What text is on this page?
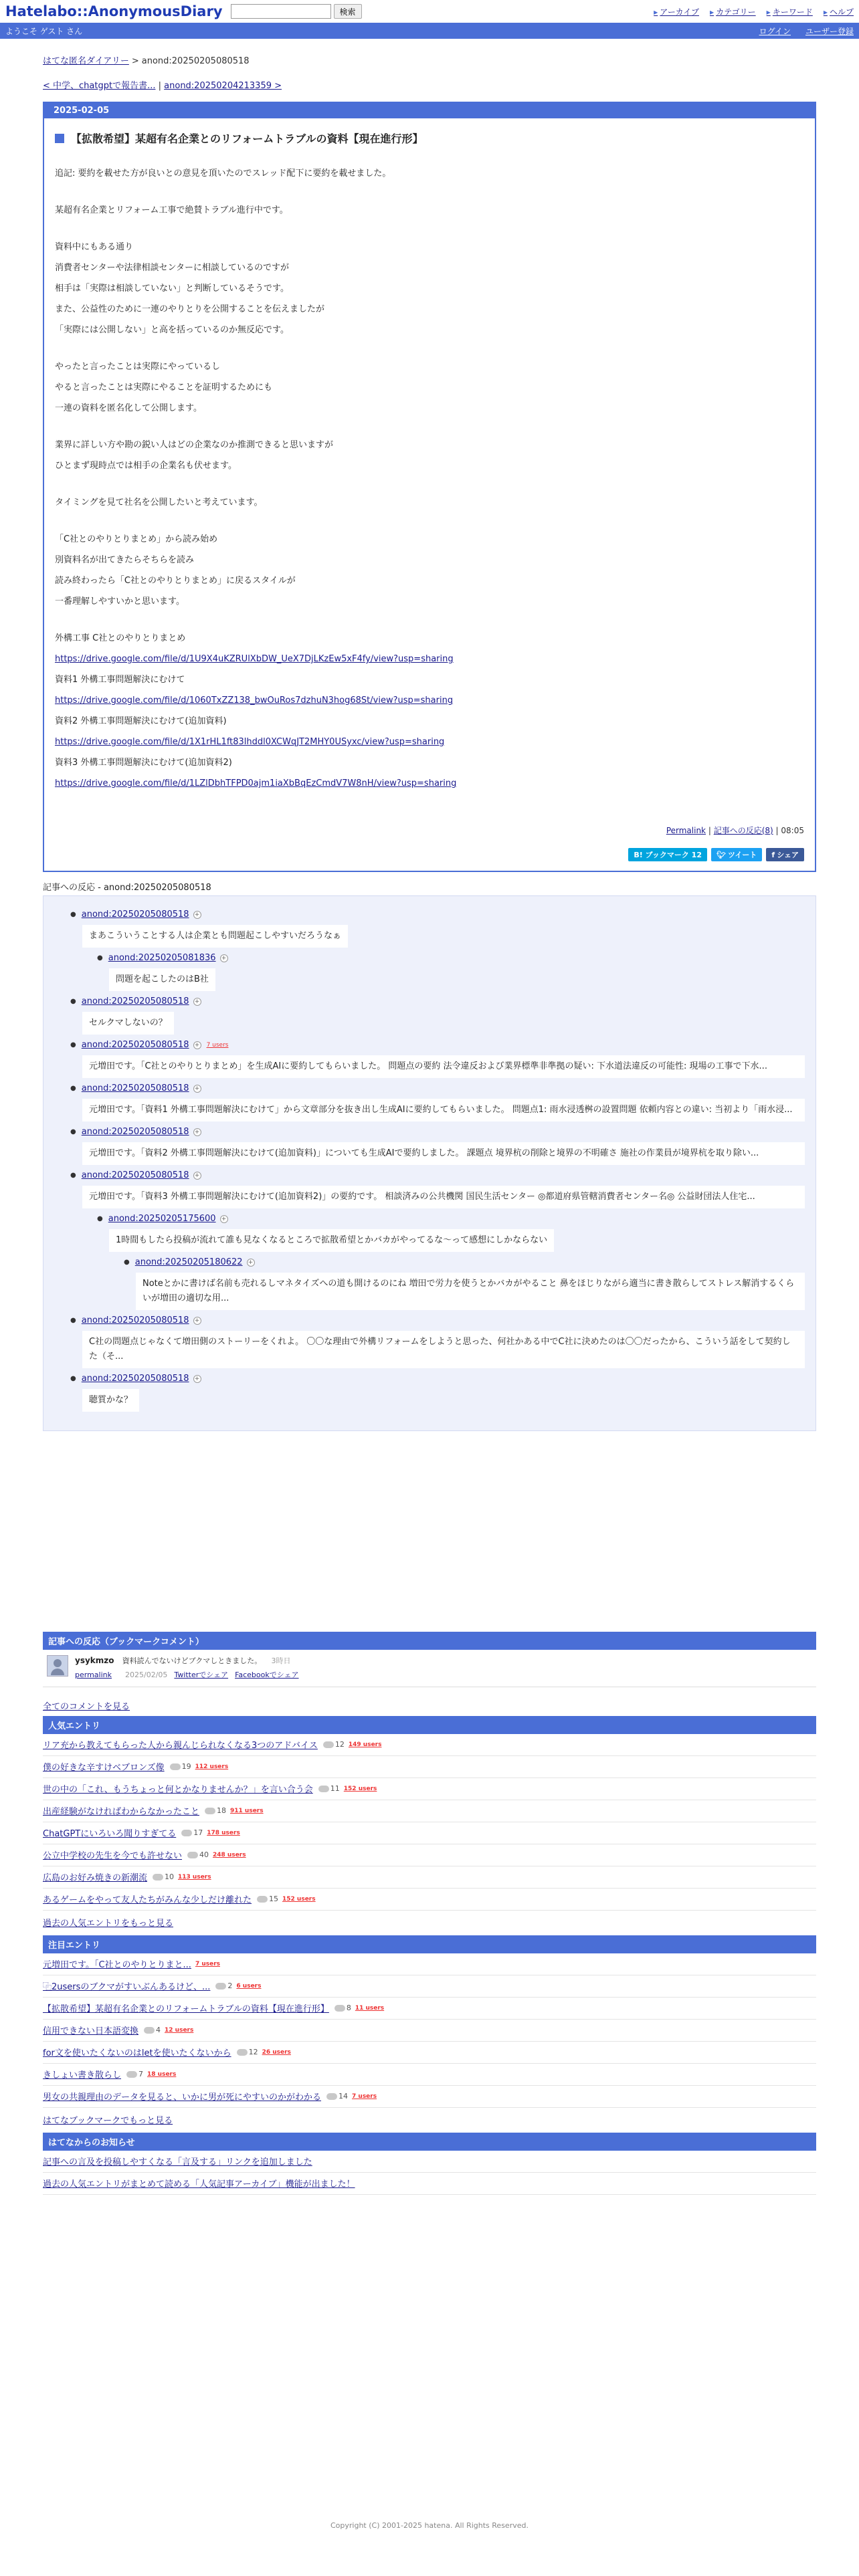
Hatelabo::AnonymousDiary	検索	▶ アーカイブ	▶ カテゴリー	▶ キーワード	▶ ヘルプ
ようこそ ゲスト さん	ログイン ユーザー登録
はてな匿名ダイアリー > anond:20250205080518
< 中学、chatgptで報告書... | anond:20250204213359 >
2025-02-05
【拡散希望】某超有名企業とのリフォームトラブルの資料【現在進行形】
追記: 要約を載せた方が良いとの意見を頂いたのでスレッド配下に要約を載せました。
某超有名企業とリフォーム工事で絶賛トラブル進行中です。
資料中にもある通り
消費者センターや法律相談センターに相談しているのですが
相手は「実際は相談していない」と判断しているそうです。
また、公益性のために一連のやりとりを公開することを伝えましたが
「実際には公開しない」と高を括っているのか無反応です。
やったと言ったことは実際にやっているし
やると言ったことは実際にやることを証明するためにも
一連の資料を匿名化して公開します。
業界に詳しい方や勘の鋭い人はどの企業なのか推測できると思いますが
ひとまず現時点では相手の企業名も伏せます。
タイミングを見て社名を公開したいと考えています。
「C社とのやりとりまとめ」から読み始め
別資料名が出てきたらそちらを読み
読み終わったら「C社とのやりとりまとめ」に戻るスタイルが
一番理解しやすいかと思います。
外構工事 C社とのやりとりまとめ
https://drive.google.com/file/d/1U9X4uKZRUlXbDW_UeX7DjLKzEw5xF4fy/view?usp=sharing
資料1 外構工事問題解決にむけて
https://drive.google.com/file/d/1060TxZZ138_bwOuRos7dzhuN3hog68St/view?usp=sharing
資料2 外構工事問題解決にむけて(追加資料)
https://drive.google.com/file/d/1X1rHL1ft83lhddl0XCWqJT2MHY0USyxc/view?usp=sharing
資料3 外構工事問題解決にむけて(追加資料2)
https://drive.google.com/file/d/1LZlDbhTFPD0ajm1iaXbBqEzCmdV7W8nH/view?usp=sharing
Permalink | 記事への反応(8) | 08:05
B! ブックマーク 12	🐦︎ ツイート f シェア
記事への反応 - anond:20250205080518
● anond:20250205080518 +
まあこういうことする人は企業とも問題起こしやすいだろうなぁ
● anond:20250205081836 +
問題を起こしたのはB社
● anond:20250205080518 +
セルクマしないの？
● anond:20250205080518 + 7 users
元増田です。「C社とのやりとりまとめ」を生成AIに要約してもらいました。 問題点の要約 法令違反および業界標準非準拠の疑い: 下水道法違反の可能性: 現場の工事で下水...
● anond:20250205080518 +
元増田です。「資料1 外構工事問題解決にむけて」から文章部分を抜き出し生成AIに要約してもらいました。 問題点1: 雨水浸透桝の設置問題 依頼内容との違い: 当初より「雨水浸...
● anond:20250205080518 +
元増田です。「資料2 外構工事問題解決にむけて(追加資料)」についても生成AIで要約しました。 課題点 境界杭の削除と境界の不明確さ 施社の作業員が境界杭を取り除い...
● anond:20250205080518 +
元増田です。「資料3 外構工事問題解決にむけて(追加資料2)」の要約です。 相談済みの公共機関 国民生活センター ◎都道府県管轄消費者センター名◎ 公益財団法人住宅...
● anond:20250205175600 +
1時間もしたら投稿が流れて誰も見なくなるところで拡散希望とかバカがやってるな〜って感想にしかならない
● anond:20250205180622 +
Noteとかに書けば名前も売れるしマネタイズへの道も開けるのにね 増田で労力を使うとかバカがやること 鼻をほじりながら適当に書き散らしてストレス解消するくらいが増田の適切な用...
● anond:20250205080518 +
C社の問題点じゃなくて増田側のストーリーをくれよ。 〇〇な理由で外構リフォームをしようと思った、何社かある中でC社に決めたのは〇〇だったから、こういう話をして契約した（そ...
● anond:20250205080518 +
聴質かな？
記事への反応（ブックマークコメント）
ysykmzo 資料読んでないけどブクマしときました。 3時日
permalink 2025/02/05 Twitterでシェア Facebookでシェア
全てのコメントを見る
人気エントリ
リア充から教えてもらった人から親んじられなくなる3つのアドバイス 12 149 users
僕の好きな辛すけベブロンズ像 19 112 users
世の中の「これ、もうちょっと何とかなりませんか？」を言い合う会 11 152 users
出産経験がなければわからなかったこと 18 911 users
ChatGPTにいろいろ聞りすぎてる 17 178 users
公立中学校の先生を今でも許せない 40 248 users
広島のお好み焼きの新潮流 10 113 users
あるゲームをやって友人たちがみんな少しだけ離れた 15 152 users
過去の人気エントリをもっと見る
注目エントリ
元増田です。「C社とのやりとりまと... 7 users
⿻2usersのブクマがすいぶんあるけど、... 2 6 users
【拡散希望】某超有名企業とのリフォームトラブルの資料【現在進行形】 8 11 users
信用できない日本語変換 4 12 users
for文を使いたくないのはletを使いたくないから 12 26 users
きしょい書き散らし 7 18 users
男女の共親理由のデータを見ると、いかに男が死にやすいのかがわかる 14 7 users
はてなブックマークでもっと見る
はてなからのお知らせ
記事への言及を投稿しやすくなる「言及する」リンクを追加しました
過去の人気エントリがまとめて読める「人気記事アーカイブ」機能が出ました！
Copyright (C) 2001-2025 hatena. All Rights Reserved.
